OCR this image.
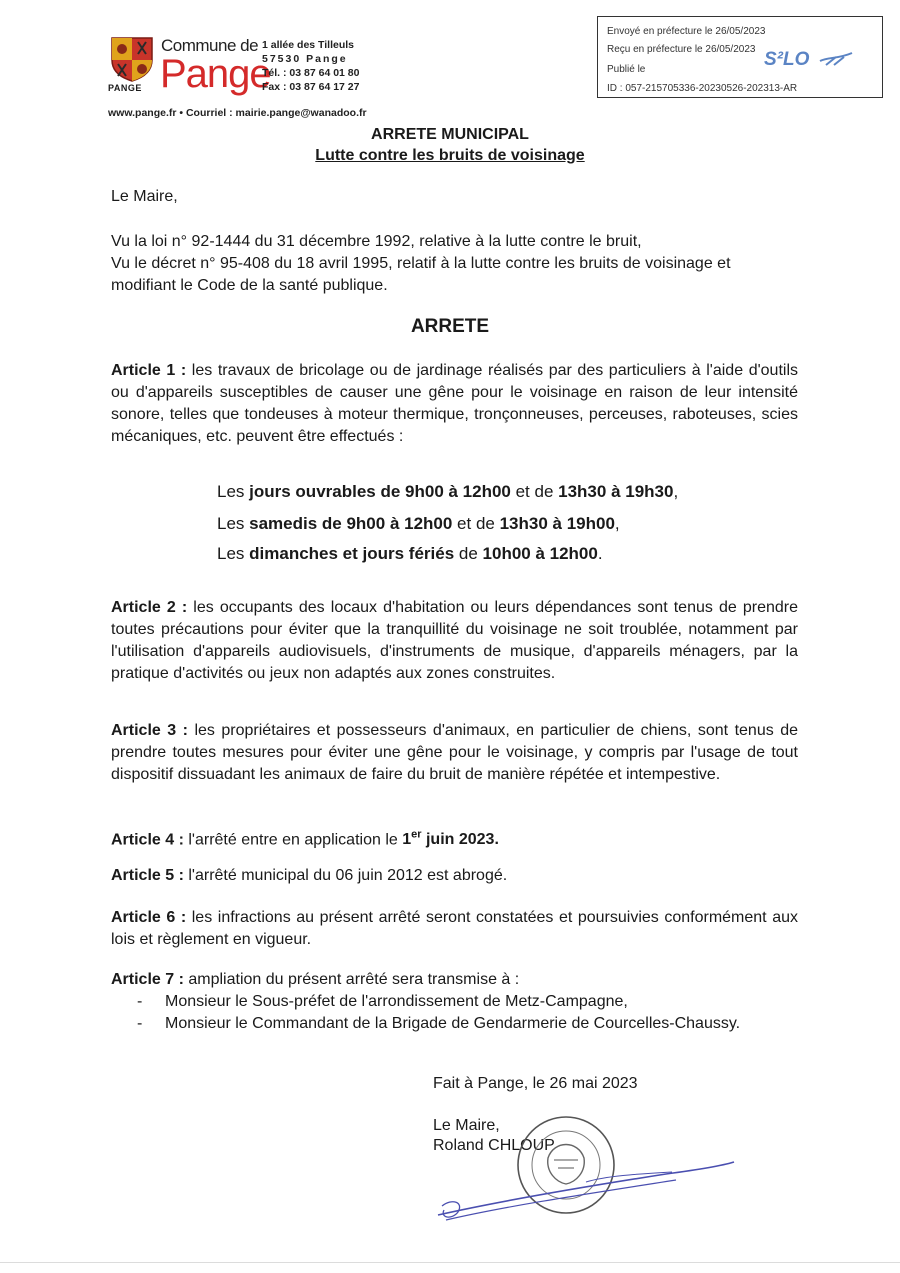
PANGE
Commune de
Pange
1 allée des Tilleuls
57530 Pange
Tél. : 03 87 64 01 80
Fax : 03 87 64 17 27
www.pange.fr • Courriel : mairie.pange@wanadoo.fr
Envoyé en préfecture le 26/05/2023
Reçu en préfecture le 26/05/2023
Publié le
ID : 057-215705336-20230526-202313-AR
S²LO
ARRETE MUNICIPAL
Lutte contre les bruits de voisinage
Le Maire,
Vu la loi n° 92-1444 du 31 décembre 1992, relative à la lutte contre le bruit,
Vu le décret n° 95-408 du 18 avril 1995, relatif à la lutte contre les bruits de voisinage et modifiant le Code de la santé publique.
ARRETE
Article 1 : les travaux de bricolage ou de jardinage réalisés par des particuliers à l'aide d'outils ou d'appareils susceptibles de causer une gêne pour le voisinage en raison de leur intensité sonore, telles que tondeuses à moteur thermique, tronçonneuses, perceuses, raboteuses, scies mécaniques, etc. peuvent être effectués :
Les jours ouvrables de 9h00 à 12h00 et de 13h30 à 19h30,
Les samedis de 9h00 à 12h00 et de 13h30 à 19h00,
Les dimanches et jours fériés de 10h00 à 12h00.
Article 2 : les occupants des locaux d'habitation ou leurs dépendances sont tenus de prendre toutes précautions pour éviter que la tranquillité du voisinage ne soit troublée, notamment par l'utilisation d'appareils audiovisuels, d'instruments de musique, d'appareils ménagers, par la pratique d'activités ou jeux non adaptés aux zones construites.
Article 3 : les propriétaires et possesseurs d'animaux, en particulier de chiens, sont tenus de prendre toutes mesures pour éviter une gêne pour le voisinage, y compris par l'usage de tout dispositif dissuadant les animaux de faire du bruit de manière répétée et intempestive.
Article 4 : l'arrêté entre en application le 1er juin 2023.
Article 5 : l'arrêté municipal du 06 juin 2012 est abrogé.
Article 6 : les infractions au présent arrêté seront constatées et poursuivies conformément aux lois et règlement en vigueur.
Article 7 : ampliation du présent arrêté sera transmise à :
- Monsieur le Sous-préfet de l'arrondissement de Metz-Campagne,
- Monsieur le Commandant de la Brigade de Gendarmerie de Courcelles-Chaussy.
Fait à Pange, le 26 mai 2023
Le Maire,
Roland CHLOUP
